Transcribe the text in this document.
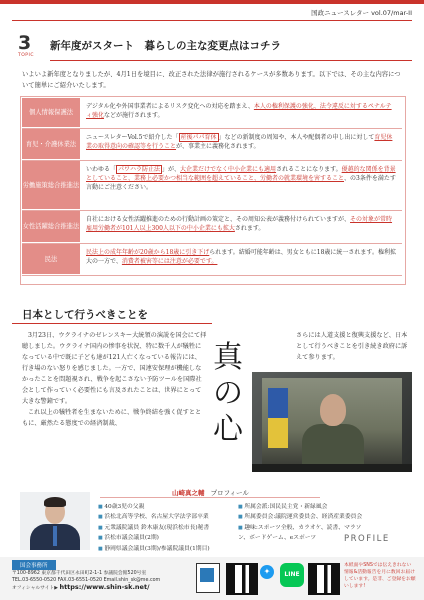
国政ニュースレター vol.07/mar-II
3
TOPIC
新年度がスタート　暮らしの主な変更点はコチラ
いよいよ新年度となりましたが、4月1日を境目に、改正された法律が施行されるケースが多数あります。以下では、その主な内容について簡単にご紹介いたします。
個人情報保護法
デジタル化や外国事業者によるリスク変化への対応を踏まえ、本人の権利保護の強化、法令違反に対するペナルティ強化などが施行されます。
育児・介護休業法
ニュースレターVol.5で紹介した「 産後パパ育休 」などの新制度の周知や、本人や配偶者の申し出に対して育児休業の取得意向の確認等を行うことが、事業主に義務化されます。
労働施策総合推進法
いわゆる「 パワハラ防止法 」が、大企業だけでなく中小企業にも適用されることになります。優越的な関係を背景としていること、業務上必要かつ相当な範囲を超えていること、労働者の就業環境を害すること、の3条件を満たす言動にご注意ください。
女性活躍総合推進法
自社における女性活躍推進のための行動計画の策定と、その周知公表が義務付けられていますが、その対象が常時雇用労働者が101人以上300人以下の中小企業にも拡大されます。
民法
民法上の成年年齢が20歳から18歳に引き下げられます。結婚可能年齢は、男女ともに18歳に統一されます。権利拡大の一方で、消費者被害等には注意が必要です。
日本として行うべきことを

3月23日、ウクライナのゼレンスキー大統領の演説を国会にて拝聴しました。ウクライナ国内の惨事を状況、特に数千人が犠牲になっている中で既に子ども達が121人亡くなっている報告には、行き場のない怒りを感じました。一方で、国連安保理が機能しなかったことを問題視され、戦争を起こさない予防ツールを国際社会として作っていく必要性にも言及されたことは、世界にとって大きな警鐘です。

これ以上の犠牲者を生まないために、戦争終結を強く促すとともに、厳然たる態度での経済制裁、

さらには人道支援と復興支援など、日本として行うべきことを引き続き政府に訴えて参ります。
真
の
心
山崎真之輔 プロフィール
■ 40歳3児の父親
■ 浜松北高等学校、名古屋大学法学部卒業
■ 元衆議院議員 鈴木康友(現浜松市長)秘書
■ 浜松市議会議員(2期)
■ 静岡県議会議員(3期)/参議院議員(1期目)
■ 所属会派:国民民主党・新緑風会
■ 所属委員会:議院運営委員会、経済産業委員会
■ 趣味:スポーツ全般、カラオケ、読書、マラソン、ボードゲーム、eスポーツ	PROFILE
国会事務所
〒100-8962 東京都千代田区永田町2-1-1 参議院会館520号室
TEL.03-6550-0520 FAX.03-6551-0520 Email.shin_sk@me.com
オフィシャルサイト▶ https://www.shin-sk.net/
✦	LINE
本紙面やSNSでは伝えきれない情報&活動報告を月に数回お届けしています。是非、ご登録をお願いします!
